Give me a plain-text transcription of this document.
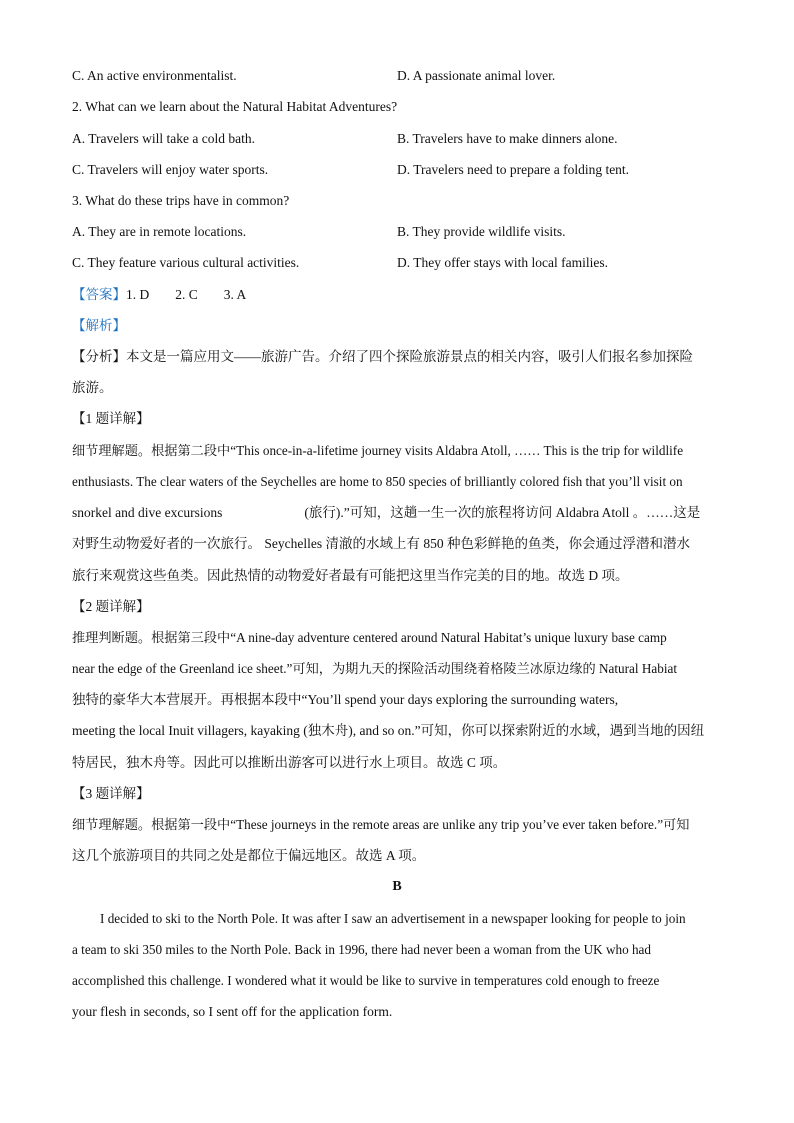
C. An active environmentalist.	D. A passionate animal lover.
2. What can we learn about the Natural Habitat Adventures?
A. Travelers will take a cold bath.	B. Travelers have to make dinners alone.
C. Travelers will enjoy water sports.	D. Travelers need to prepare a folding tent.
3. What do these trips have in common?
A. They are in remote locations.	B. They provide wildlife visits.
C. They feature various cultural activities.	D. They offer stays with local families.
【答案】1. D 2. C 3. A
【解析】
【分析】本文是一篇应用文——旅游广告。介绍了四个探险旅游景点的相关内容，吸引人们报名参加探险
旅游。
【1 题详解】
细节理解题。根据第二段中“This once-in-a-lifetime journey visits Aldabra Atoll, …… This is the trip for wildlife
enthusiasts. The clear waters of the Seychelles are home to 850 species of brilliantly colored fish that you’ll visit on
snorkel and dive excursions	(旅行).”可知，这趟一生一次的旅程将访问 Aldabra Atoll 。……这是
对野生动物爱好者的一次旅行。 Seychelles 清澈的水域上有 850 种色彩鲜艳的鱼类，你会通过浮潜和潜水
旅行来观赏这些鱼类。因此热情的动物爱好者最有可能把这里当作完美的目的地。故选 D 项。
【2 题详解】
推理判断题。根据第三段中“A nine-day adventure centered around Natural Habitat’s unique luxury base camp
near the edge of the Greenland ice sheet.”可知，为期九天的探险活动围绕着格陵兰冰原边缘的 Natural Habiat
独特的豪华大本营展开。再根据本段中“You’ll spend your days exploring the surrounding waters,
meeting the local Inuit villagers, kayaking (独木舟), and so on.”可知，你可以探索附近的水域，遇到当地的因纽
特居民，独木舟等。因此可以推断出游客可以进行水上项目。故选 C 项。
【3 题详解】
细节理解题。根据第一段中“These journeys in the remote areas are unlike any trip you’ve ever taken before.”可知
这几个旅游项目的共同之处是都位于偏远地区。故选 A 项。
B
I decided to ski to the North Pole. It was after I saw an advertisement in a newspaper looking for people to join
a team to ski 350 miles to the North Pole. Back in 1996, there had never been a woman from the UK who had
accomplished this challenge. I wondered what it would be like to survive in temperatures cold enough to freeze
your flesh in seconds, so I sent off for the application form.
